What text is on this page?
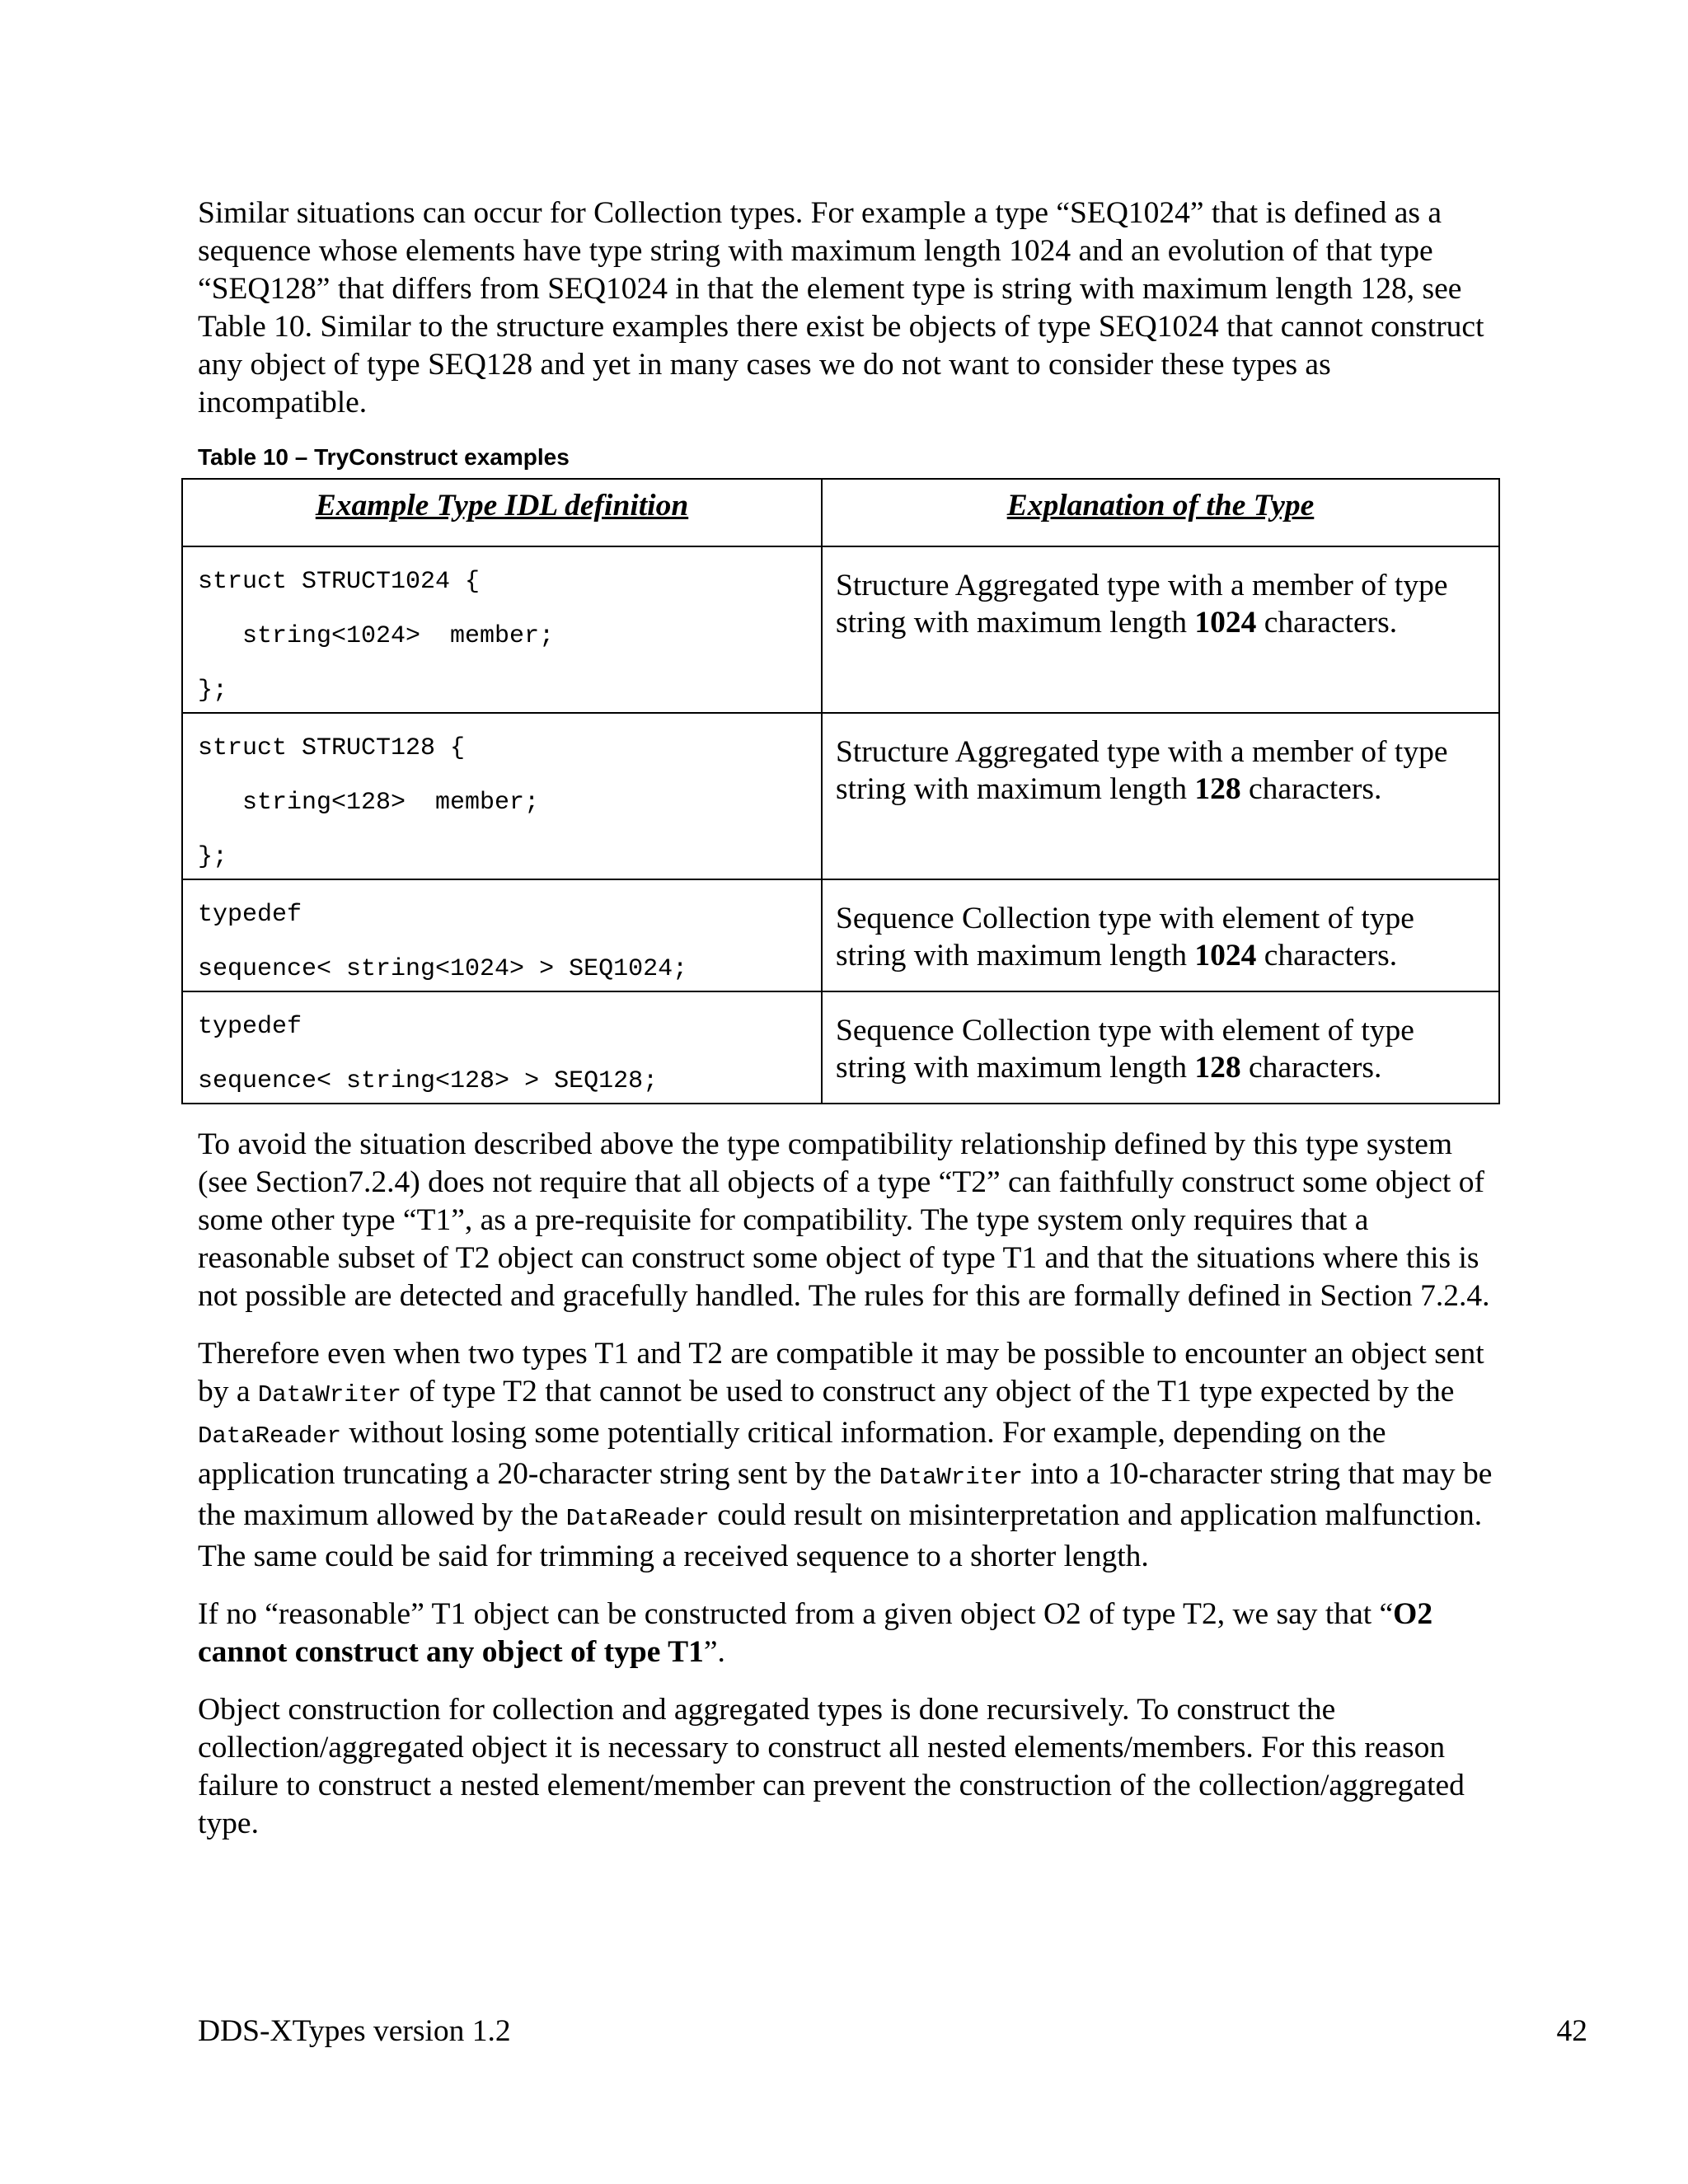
Similar situations can occur for Collection types. For example a type “SEQ1024” that is defined as a sequence whose elements have type string with maximum length 1024 and an evolution of that type “SEQ128” that differs from SEQ1024 in that the element type is string with maximum length 128, see Table 10. Similar to the structure examples there exist be objects of type SEQ1024 that cannot construct any object of type SEQ128 and yet in many cases we do not want to consider these types as incompatible.

Table 10 – TryConstruct examples
Example Type IDL definition	Explanation of the Type

struct STRUCT1024 {
string<1024>  member;
};	Structure Aggregated type with a member of type string with maximum length 1024 characters.

struct STRUCT128 {
string<128>  member;
};	Structure Aggregated type with a member of type string with maximum length 128 characters.

typedef
sequence< string<1024> > SEQ1024;	Sequence Collection type with element of type string with maximum length 1024 characters.

typedef
sequence< string<128> > SEQ128;	Sequence Collection type with element of type string with maximum length 128 characters.

To avoid the situation described above the type compatibility relationship defined by this type system (see Section7.2.4) does not require that all objects of a type “T2” can faithfully construct some object of some other type “T1”, as a pre-requisite for compatibility. The type system only requires that a reasonable subset of T2 object can construct some object of type T1 and that the situations where this is not possible are detected and gracefully handled. The rules for this are formally defined in Section 7.2.4.

Therefore even when two types T1 and T2 are compatible it may be possible to encounter an object sent by a DataWriter of type T2 that cannot be used to construct any object of the T1 type expected by the DataReader without losing some potentially critical information. For example, depending on the application truncating a 20-character string sent by the DataWriter into a 10-character string that may be the maximum allowed by the DataReader could result on misinterpretation and application malfunction. The same could be said for trimming a received sequence to a shorter length.

If no “reasonable” T1 object can be constructed from a given object O2 of type T2, we say that “O2 cannot construct any object of type T1”.

Object construction for collection and aggregated types is done recursively. To construct the collection/aggregated object it is necessary to construct all nested elements/members. For this reason failure to construct a nested element/member can prevent the construction of the collection/aggregated type.

DDS-XTypes version 1.2	42
